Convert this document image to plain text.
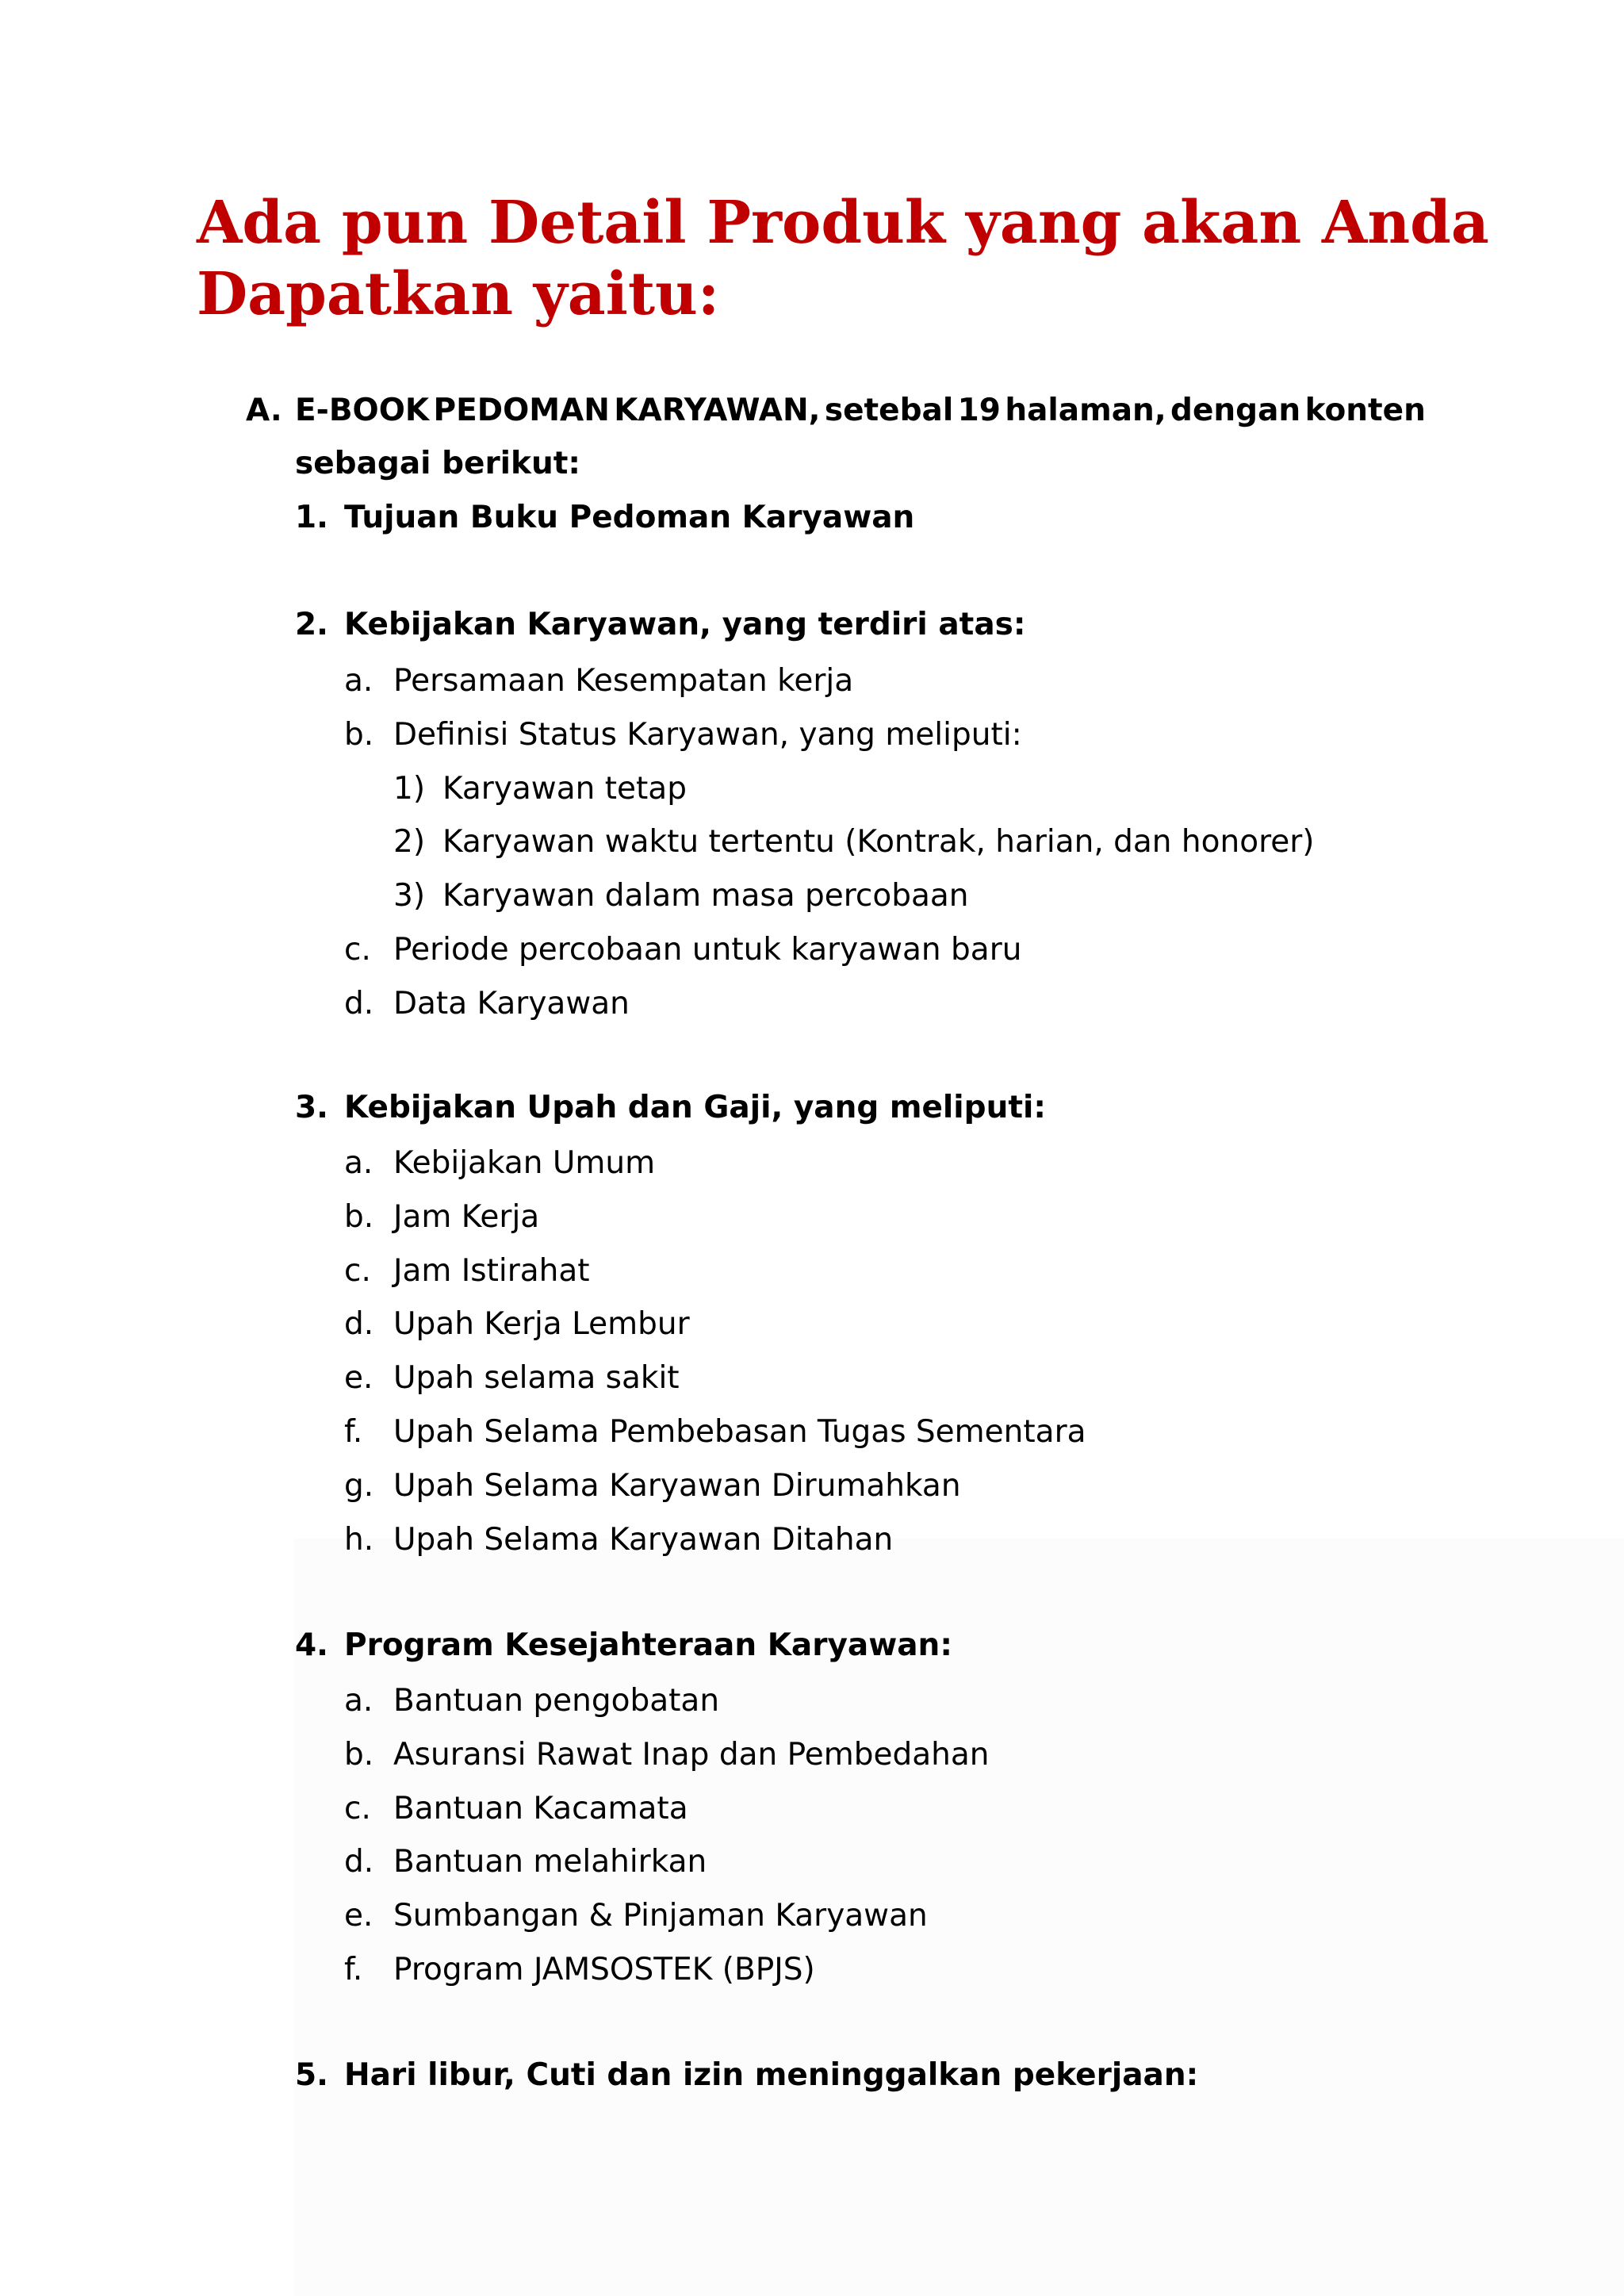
Ada pun Detail Produk yang akan Anda Dapatkan yaitu:
A. E-BOOK PEDOMAN KARYAWAN, setebal 19 halaman, dengan konten
sebagai berikut:
1. Tujuan Buku Pedoman Karyawan
2. Kebijakan Karyawan, yang terdiri atas:
a. Persamaan Kesempatan kerja
b. Definisi Status Karyawan, yang meliputi:
1) Karyawan tetap
2) Karyawan waktu tertentu (Kontrak, harian, dan honorer)
3) Karyawan dalam masa percobaan
c. Periode percobaan untuk karyawan baru
d. Data Karyawan
3. Kebijakan Upah dan Gaji, yang meliputi:
a. Kebijakan Umum
b. Jam Kerja
c. Jam Istirahat
d. Upah Kerja Lembur
e. Upah selama sakit
f. Upah Selama Pembebasan Tugas Sementara
g. Upah Selama Karyawan Dirumahkan
h. Upah Selama Karyawan Ditahan
4. Program Kesejahteraan Karyawan:
a. Bantuan pengobatan
b. Asuransi Rawat Inap dan Pembedahan
c. Bantuan Kacamata
d. Bantuan melahirkan
e. Sumbangan & Pinjaman Karyawan
f. Program JAMSOSTEK (BPJS)
5. Hari libur, Cuti dan izin meninggalkan pekerjaan:
